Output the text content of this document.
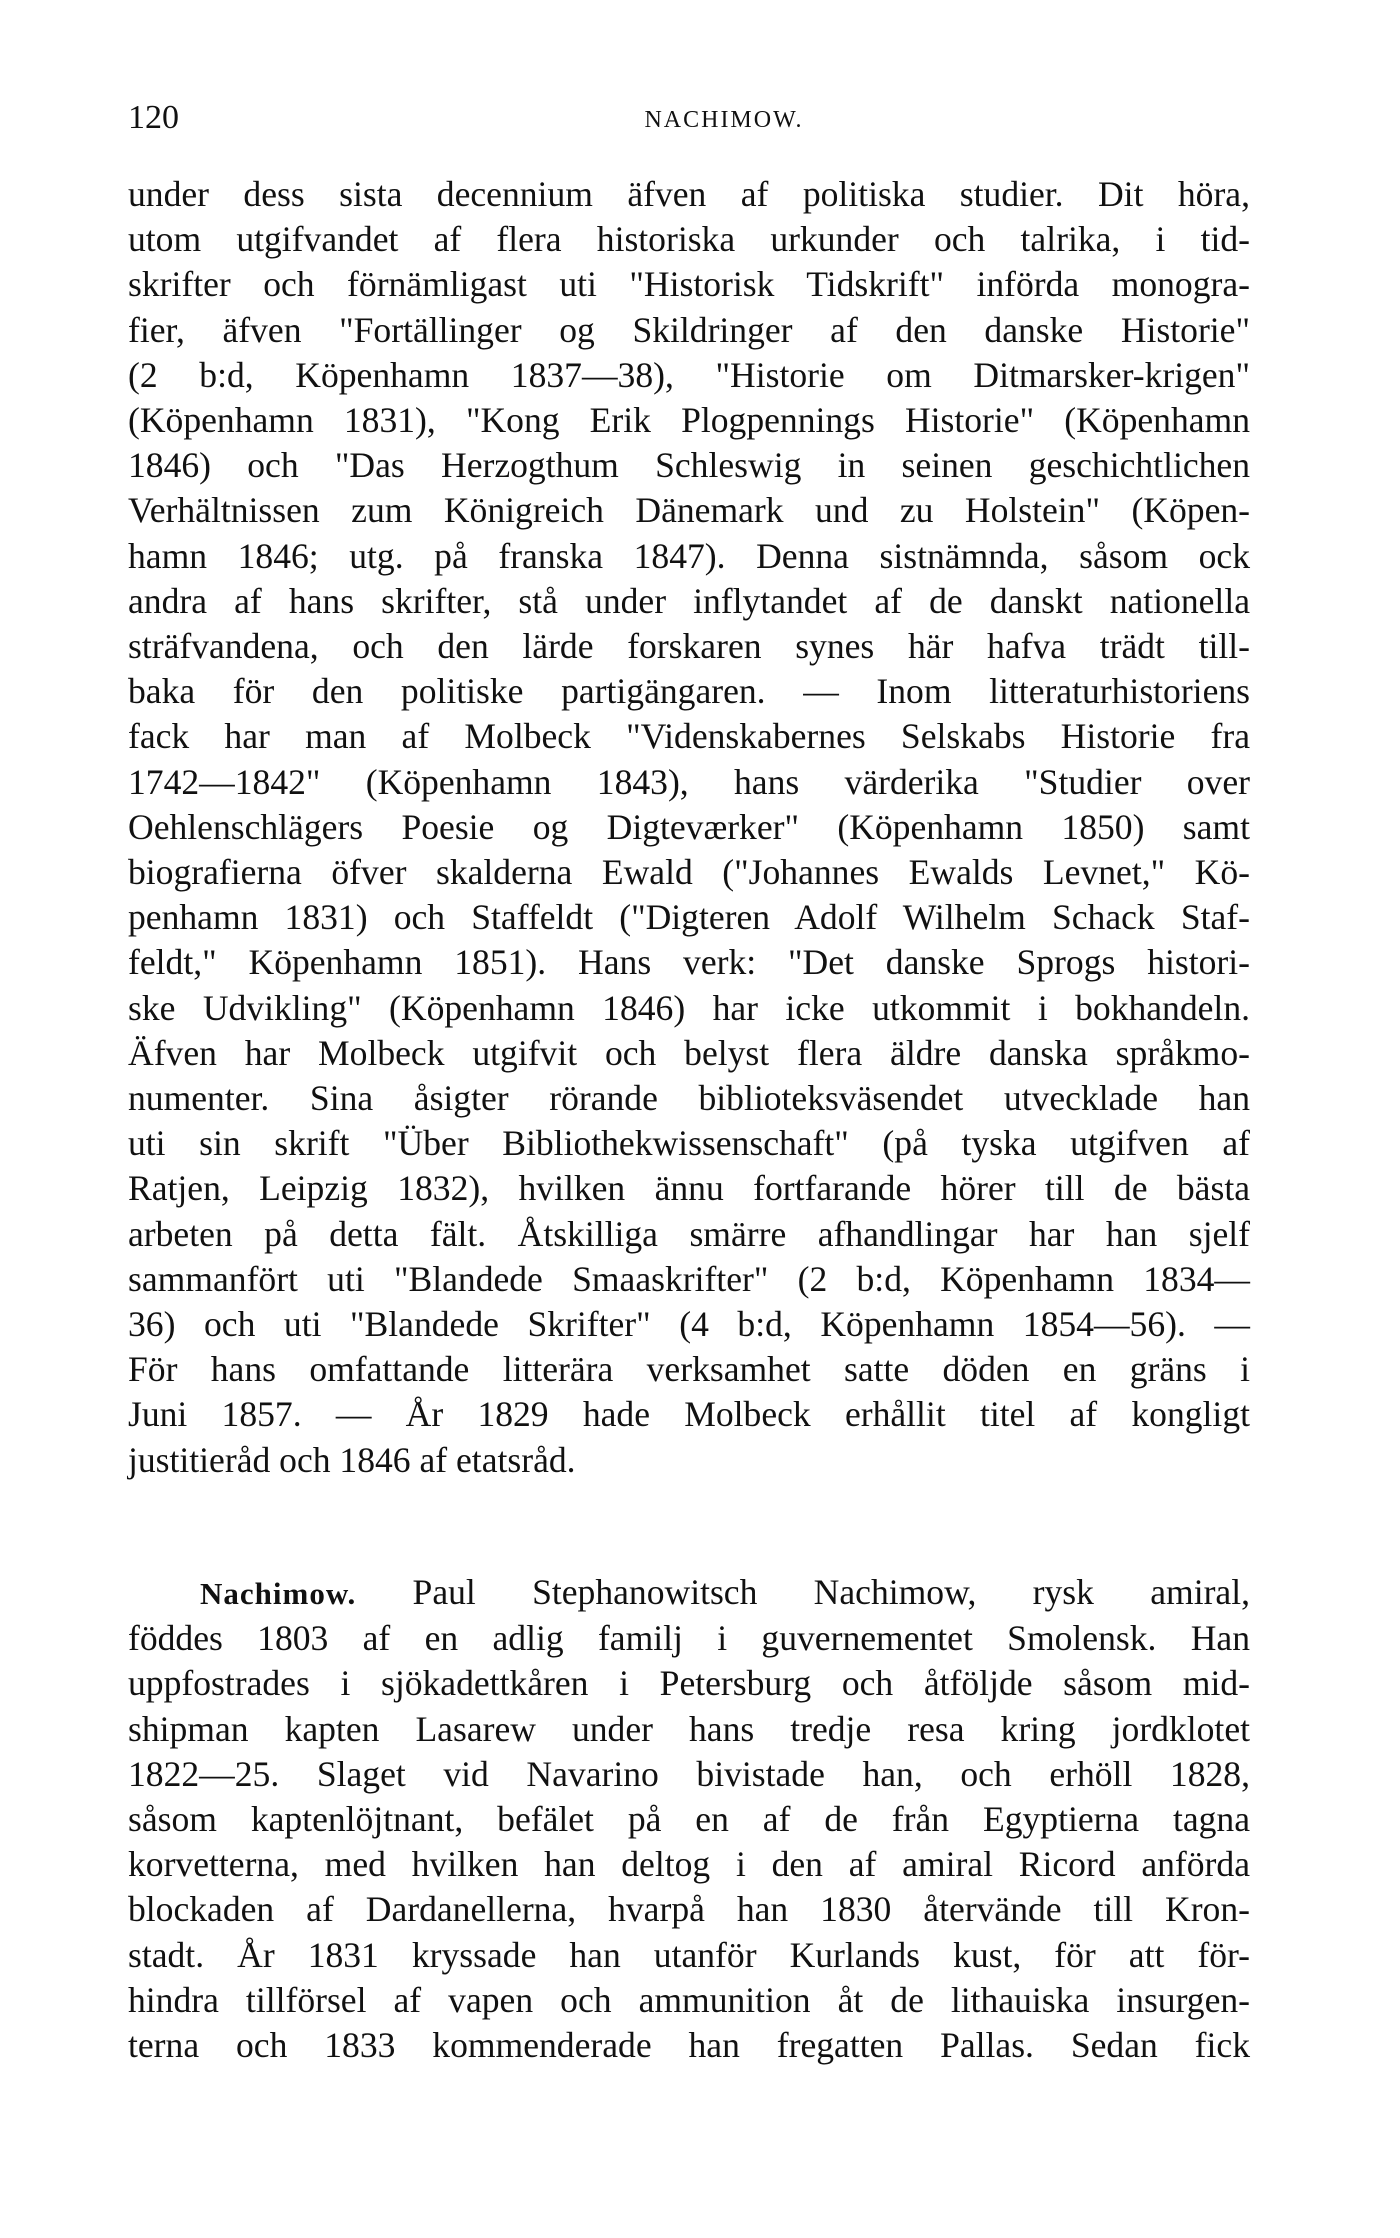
120	NACHIMOW.
under dess sista decennium äfven af politiska studier. Dit höra,
utom utgifvandet af flera historiska urkunder och talrika, i tid-
skrifter och förnämligast uti "Historisk Tidskrift" införda monogra-
fier, äfven "Fortällinger og Skildringer af den danske Historie"
(2 b:d, Köpenhamn 1837—38), "Historie om Ditmarsker-krigen"
(Köpenhamn 1831), "Kong Erik Plogpennings Historie" (Köpenhamn
1846) och "Das Herzogthum Schleswig in seinen geschichtlichen
Verhältnissen zum Königreich Dänemark und zu Holstein" (Köpen-
hamn 1846; utg. på franska 1847). Denna sistnämnda, såsom ock
andra af hans skrifter, stå under inflytandet af de danskt nationella
sträfvandena, och den lärde forskaren synes här hafva trädt till-
baka för den politiske partigängaren. — Inom litteraturhistoriens
fack har man af Molbeck "Videnskabernes Selskabs Historie fra
1742—1842" (Köpenhamn 1843), hans värderika "Studier over
Oehlenschlägers Poesie og Digteværker" (Köpenhamn 1850) samt
biografierna öfver skalderna Ewald ("Johannes Ewalds Levnet," Kö-
penhamn 1831) och Staffeldt ("Digteren Adolf Wilhelm Schack Staf-
feldt," Köpenhamn 1851). Hans verk: "Det danske Sprogs histori-
ske Udvikling" (Köpenhamn 1846) har icke utkommit i bokhandeln.
Äfven har Molbeck utgifvit och belyst flera äldre danska språkmo-
numenter. Sina åsigter rörande biblioteksväsendet utvecklade han
uti sin skrift "Über Bibliothekwissenschaft" (på tyska utgifven af
Ratjen, Leipzig 1832), hvilken ännu fortfarande hörer till de bästa
arbeten på detta fält. Åtskilliga smärre afhandlingar har han sjelf
sammanfört uti "Blandede Smaaskrifter" (2 b:d, Köpenhamn 1834—
36) och uti "Blandede Skrifter" (4 b:d, Köpenhamn 1854—56). —
För hans omfattande litterära verksamhet satte döden en gräns i
Juni 1857. — År 1829 hade Molbeck erhållit titel af kongligt
justitieråd och 1846 af etatsråd.
Nachimow. Paul Stephanowitsch Nachimow, rysk amiral,
föddes 1803 af en adlig familj i guvernementet Smolensk. Han
uppfostrades i sjökadettkåren i Petersburg och åtföljde såsom mid-
shipman kapten Lasarew under hans tredje resa kring jordklotet
1822—25. Slaget vid Navarino bivistade han, och erhöll 1828,
såsom kaptenlöjtnant, befälet på en af de från Egyptierna tagna
korvetterna, med hvilken han deltog i den af amiral Ricord anförda
blockaden af Dardanellerna, hvarpå han 1830 återvände till Kron-
stadt. År 1831 kryssade han utanför Kurlands kust, för att för-
hindra tillförsel af vapen och ammunition åt de lithauiska insurgen-
terna och 1833 kommenderade han fregatten Pallas. Sedan fick
